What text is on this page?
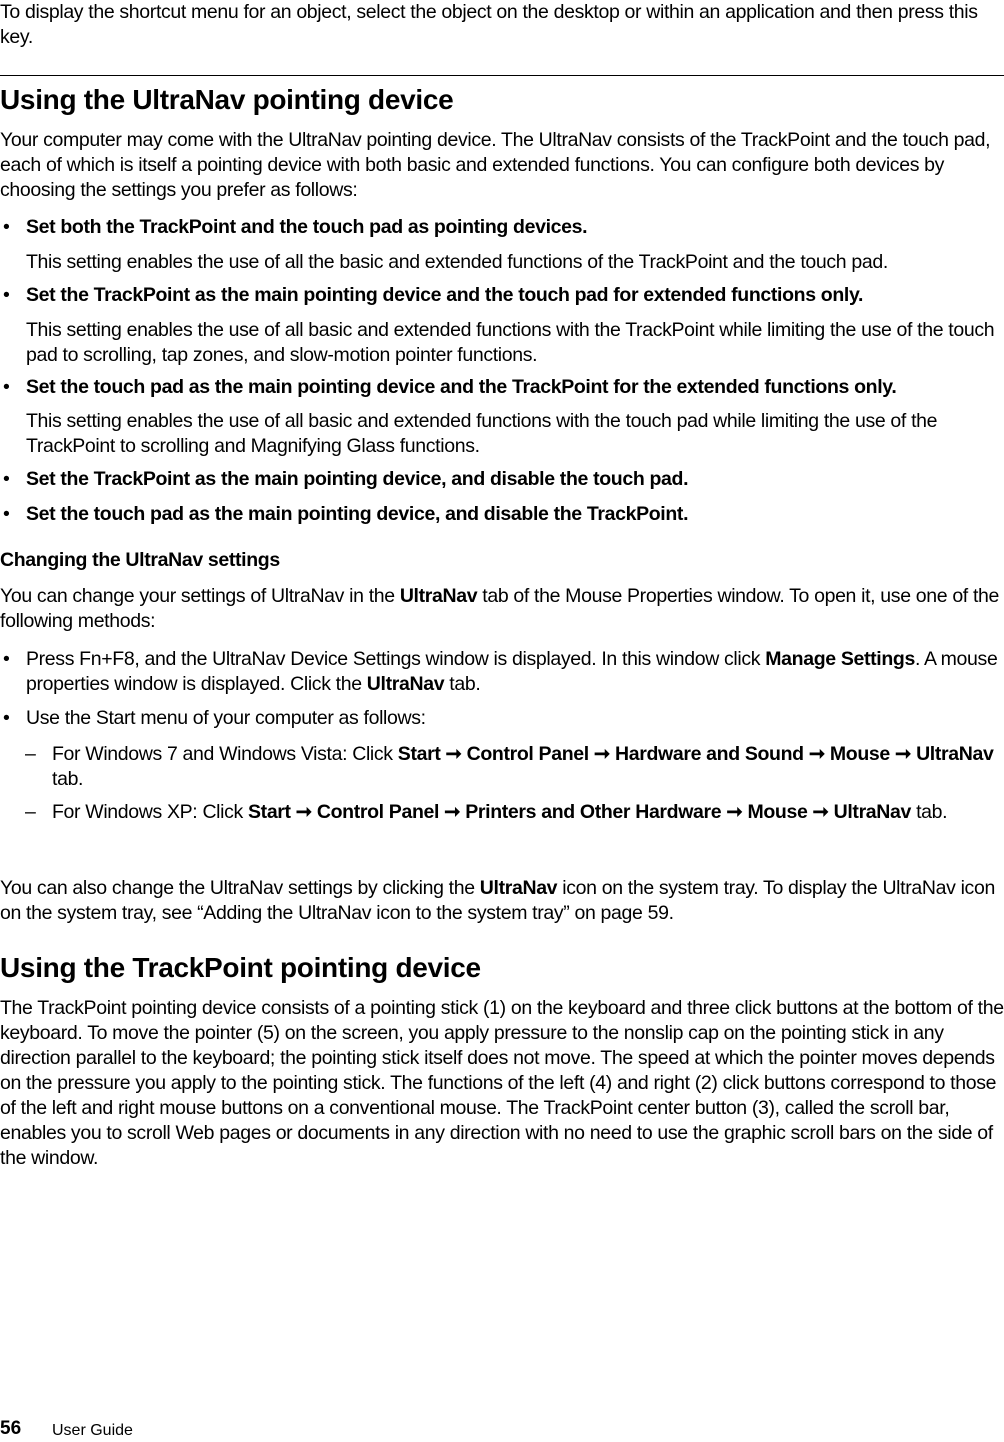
To display the shortcut menu for an object, select the object on the desktop or within an application and then press this key.

Using the UltraNav pointing device

Your computer may come with the UltraNav pointing device. The UltraNav consists of the TrackPoint and the touch pad, each of which is itself a pointing device with both basic and extended functions. You can configure both devices by choosing the settings you prefer as follows:

• Set both the TrackPoint and the touch pad as pointing devices.

This setting enables the use of all the basic and extended functions of the TrackPoint and the touch pad.

• Set the TrackPoint as the main pointing device and the touch pad for extended functions only.

This setting enables the use of all basic and extended functions with the TrackPoint while limiting the use of the touch pad to scrolling, tap zones, and slow-motion pointer functions.

• Set the touch pad as the main pointing device and the TrackPoint for the extended functions only.

This setting enables the use of all basic and extended functions with the touch pad while limiting the use of the TrackPoint to scrolling and Magnifying Glass functions.

• Set the TrackPoint as the main pointing device, and disable the touch pad.

• Set the touch pad as the main pointing device, and disable the TrackPoint.

Changing the UltraNav settings

You can change your settings of UltraNav in the UltraNav tab of the Mouse Properties window. To open it, use one of the following methods:

• Press Fn+F8, and the UltraNav Device Settings window is displayed. In this window click Manage Settings. A mouse properties window is displayed. Click the UltraNav tab.

• Use the Start menu of your computer as follows:

– For Windows 7 and Windows Vista: Click Start ➞ Control Panel ➞ Hardware and Sound ➞ Mouse ➞ UltraNav tab.

– For Windows XP: Click Start ➞ Control Panel ➞ Printers and Other Hardware ➞ Mouse ➞ UltraNav tab.

You can also change the UltraNav settings by clicking the UltraNav icon on the system tray. To display the UltraNav icon on the system tray, see “Adding the UltraNav icon to the system tray” on page 59.

Using the TrackPoint pointing device

The TrackPoint pointing device consists of a pointing stick (1) on the keyboard and three click buttons at the bottom of the keyboard. To move the pointer (5) on the screen, you apply pressure to the nonslip cap on the pointing stick in any direction parallel to the keyboard; the pointing stick itself does not move. The speed at which the pointer moves depends on the pressure you apply to the pointing stick. The functions of the left (4) and right (2) click buttons correspond to those of the left and right mouse buttons on a conventional mouse. The TrackPoint center button (3), called the scroll bar, enables you to scroll Web pages or documents in any direction with no need to use the graphic scroll bars on the side of the window.

56 User Guide
